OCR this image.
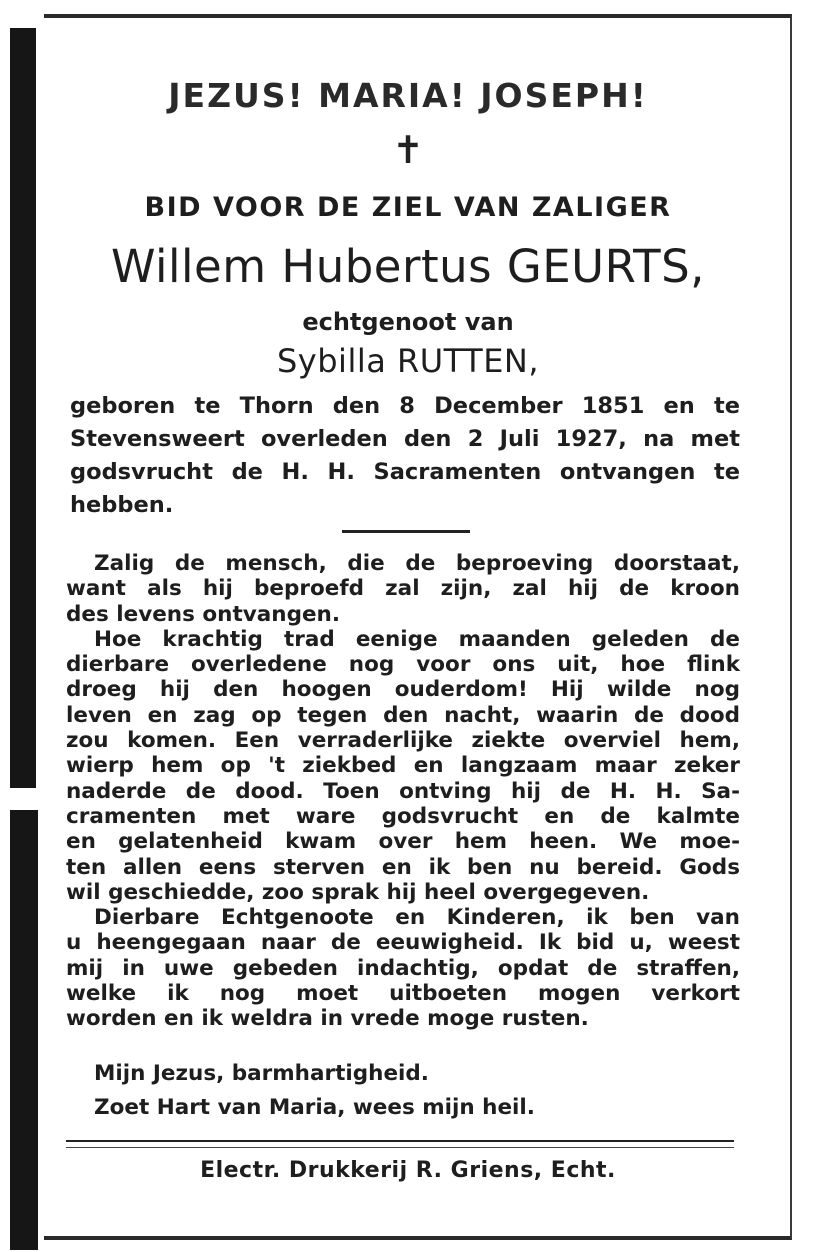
JEZUS! MARIA! JOSEPH!
✝
BID VOOR DE ZIEL VAN ZALIGER
Willem Hubertus GEURTS,
echtgenoot van
Sybilla RUTTEN,
geboren te Thorn den 8 December 1851 en te
Stevensweert overleden den 2 Juli 1927, na met
godsvrucht de H. H. Sacramenten ontvangen te
hebben.
Zalig de mensch, die de beproeving doorstaat,
want als hij beproefd zal zijn, zal hij de kroon
des levens ontvangen.
Hoe krachtig trad eenige maanden geleden de
dierbare overledene nog voor ons uit, hoe flink
droeg hij den hoogen ouderdom! Hij wilde nog
leven en zag op tegen den nacht, waarin de dood
zou komen. Een verraderlijke ziekte overviel hem,
wierp hem op 't ziekbed en langzaam maar zeker
naderde de dood. Toen ontving hij de H. H. Sa-
cramenten met ware godsvrucht en de kalmte
en gelatenheid kwam over hem heen. We moe-
ten allen eens sterven en ik ben nu bereid. Gods
wil geschiedde, zoo sprak hij heel overgegeven.
Dierbare Echtgenoote en Kinderen, ik ben van
u heengegaan naar de eeuwigheid. Ik bid u, weest
mij in uwe gebeden indachtig, opdat de straffen,
welke ik nog moet uitboeten mogen verkort
worden en ik weldra in vrede moge rusten.
Mijn Jezus, barmhartigheid.
Zoet Hart van Maria, wees mijn heil.
Electr. Drukkerij R. Griens, Echt.
